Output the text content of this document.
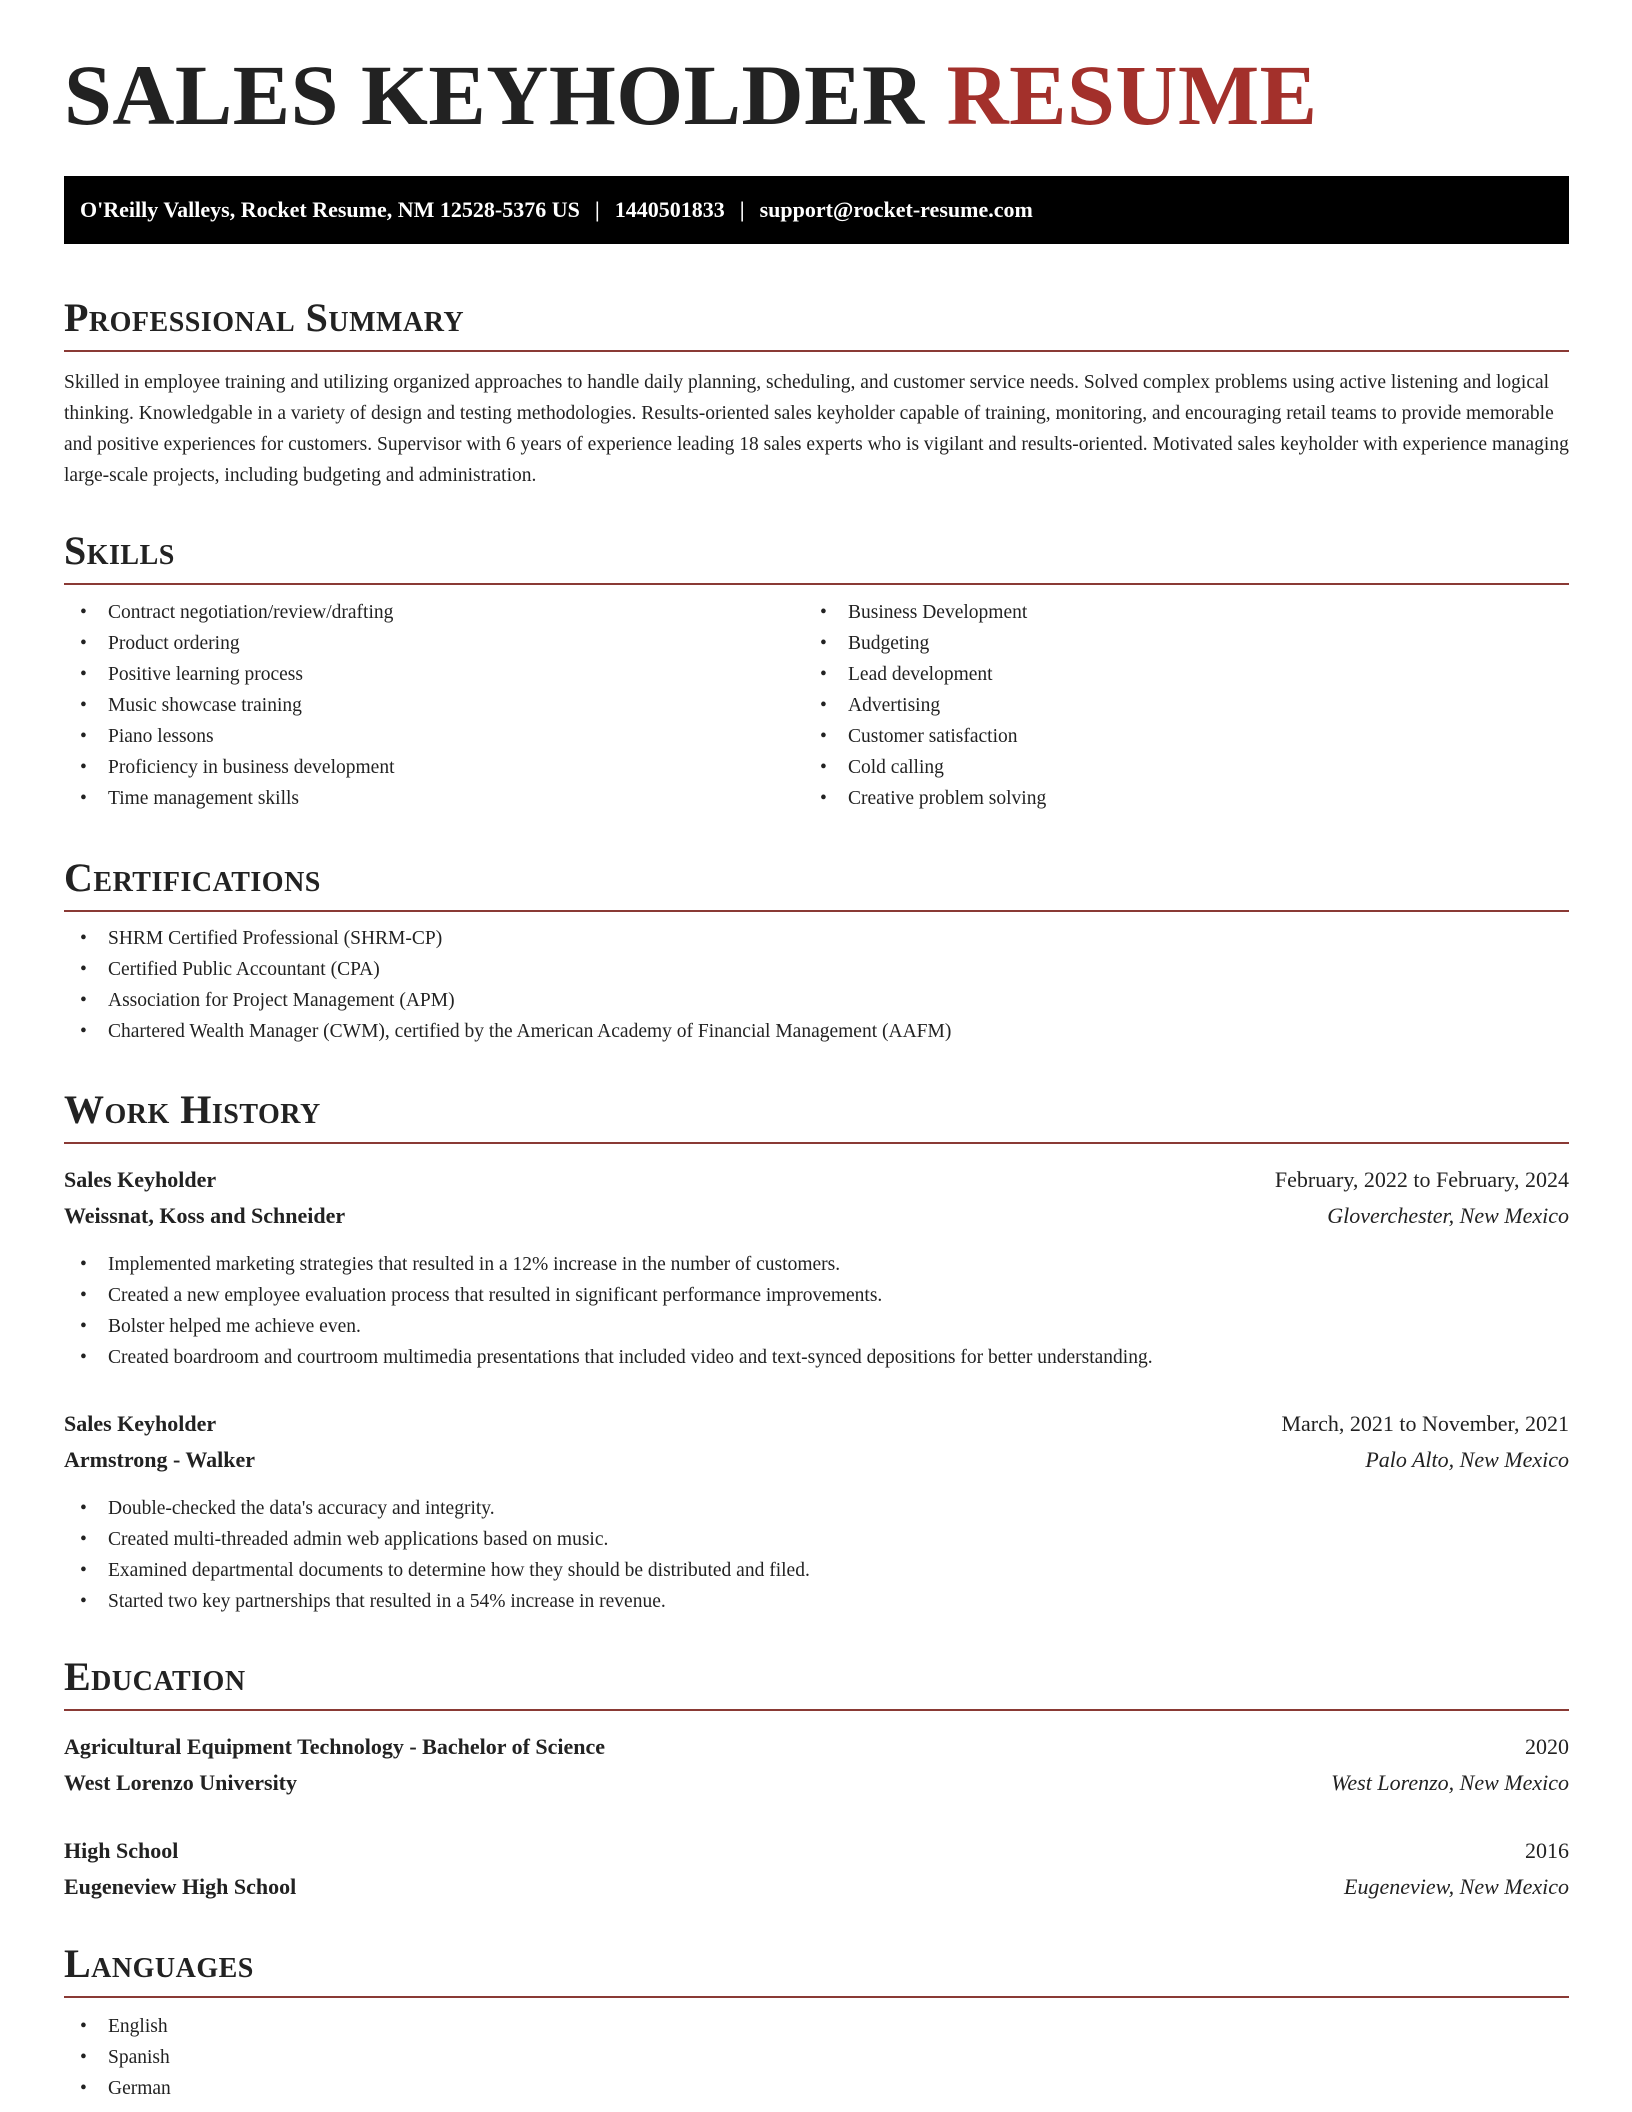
SALES KEYHOLDER RESUME
O'Reilly Valleys, Rocket Resume, NM 12528-5376 US | 1440501833 | support@rocket-resume.com
Professional Summary

Skilled in employee training and utilizing organized approaches to handle daily planning, scheduling, and customer service needs. Solved complex problems using active listening and logical thinking. Knowledgable in a variety of design and testing methodologies. Results-oriented sales keyholder capable of training, monitoring, and encouraging retail teams to provide memorable and positive experiences for customers. Supervisor with 6 years of experience leading 18 sales experts who is vigilant and results-oriented. Motivated sales keyholder with experience managing large-scale projects, including budgeting and administration.

Skills
• Contract negotiation/review/drafting
• Product ordering
• Positive learning process
• Music showcase training
• Piano lessons
• Proficiency in business development
• Time management skills
• Business Development
• Budgeting
• Lead development
• Advertising
• Customer satisfaction
• Cold calling
• Creative problem solving
Certifications
• SHRM Certified Professional (SHRM-CP)
• Certified Public Accountant (CPA)
• Association for Project Management (APM)
• Chartered Wealth Manager (CWM), certified by the American Academy of Financial Management (AAFM)
Work History
Sales Keyholder	February, 2022 to February, 2024
Weissnat, Koss and Schneider	Gloverchester, New Mexico
• Implemented marketing strategies that resulted in a 12% increase in the number of customers.
• Created a new employee evaluation process that resulted in significant performance improvements.
• Bolster helped me achieve even.
• Created boardroom and courtroom multimedia presentations that included video and text-synced depositions for better understanding.
Sales Keyholder	March, 2021 to November, 2021
Armstrong - Walker	Palo Alto, New Mexico
• Double-checked the data's accuracy and integrity.
• Created multi-threaded admin web applications based on music.
• Examined departmental documents to determine how they should be distributed and filed.
• Started two key partnerships that resulted in a 54% increase in revenue.
Education
Agricultural Equipment Technology - Bachelor of Science	2020
West Lorenzo University	West Lorenzo, New Mexico
High School	2016
Eugeneview High School	Eugeneview, New Mexico
Languages
• English
• Spanish
• German
